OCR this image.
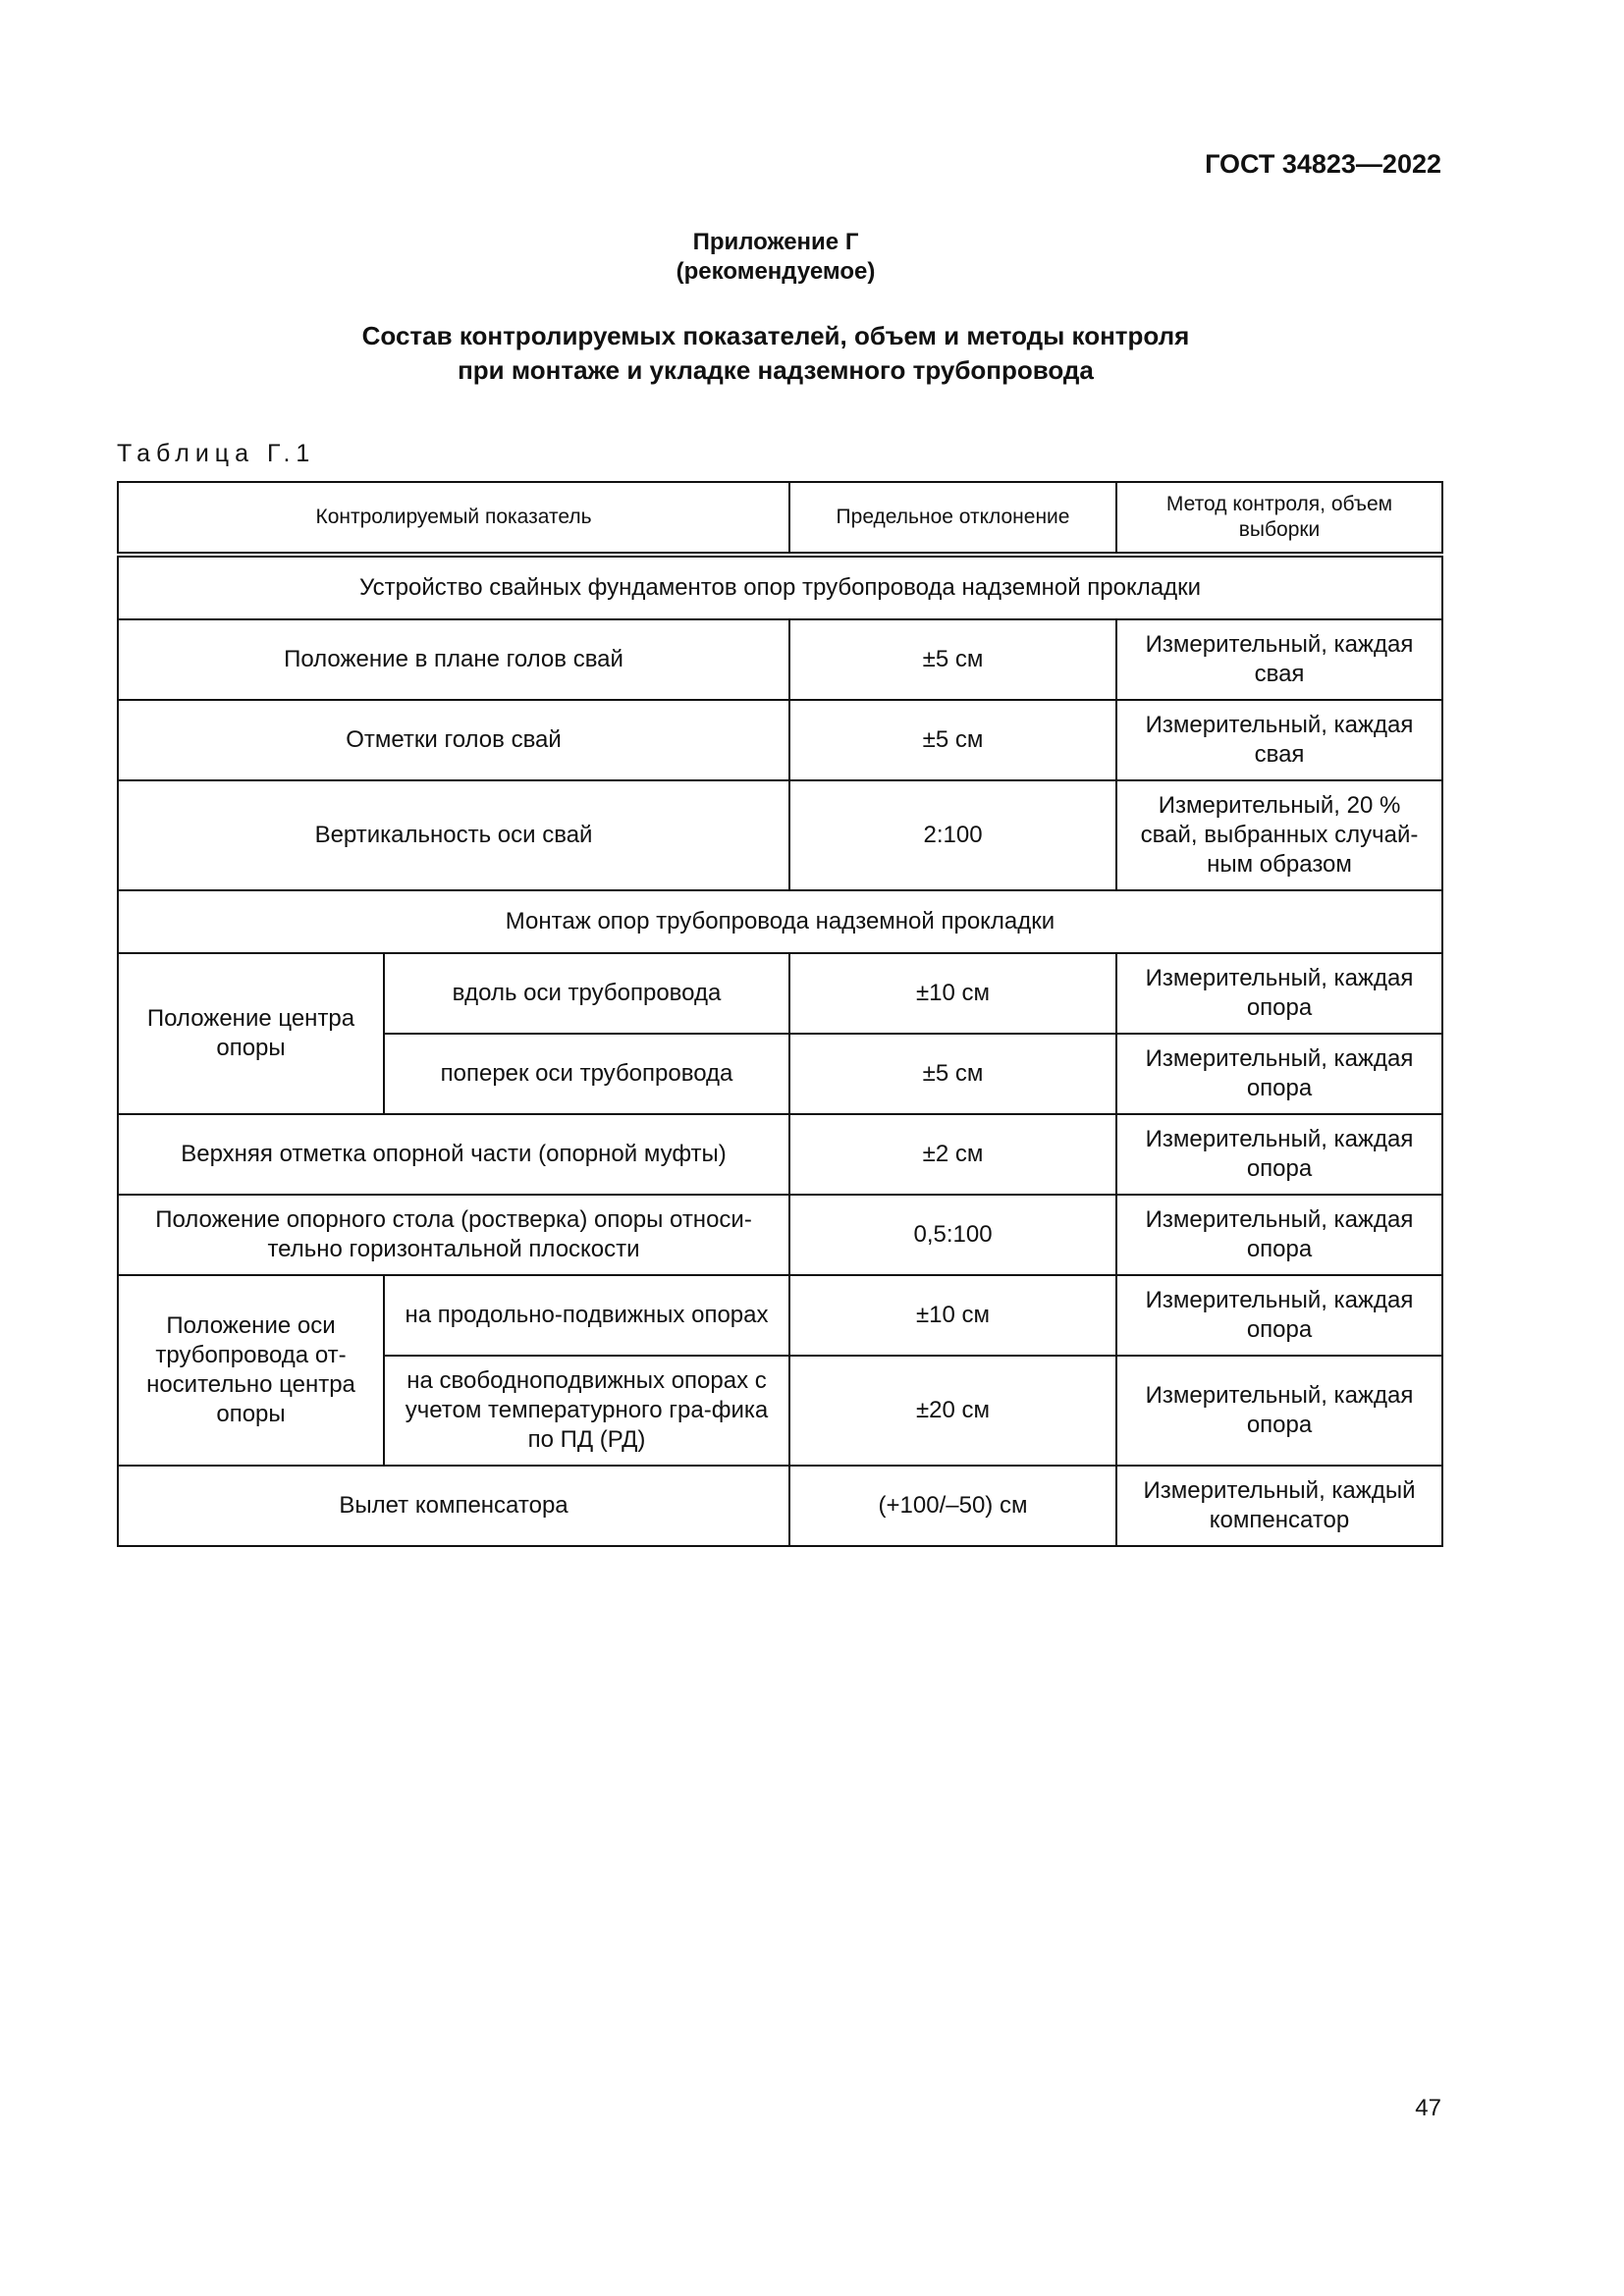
ГОСТ 34823—2022
Приложение Г
(рекомендуемое)
Состав контролируемых показателей, объем и методы контроля
при монтаже и укладке надземного трубопровода
Таблица Г.1
Контролируемый показатель		Предельное отклонение	Метод контроля, объем выборки
Устройство свайных фундаментов опор трубопровода надземной прокладки			
Положение в плане голов свай		±5 см	Измерительный, каждая свая
Отметки голов свай		±5 см	Измерительный, каждая свая
Вертикальность оси свай		2:100	Измерительный, 20 % свай, выбранных случай-ным образом
Монтаж опор трубопровода надземной прокладки			
Положение центра опоры	вдоль оси трубопровода	±10 см	Измерительный, каждая опора
	поперек оси трубопровода	±5 см	Измерительный, каждая опора
Верхняя отметка опорной части (опорной муфты)		±2 см	Измерительный, каждая опора
Положение опорного стола (ростверка) опоры относи-тельно горизонтальной плоскости		0,5:100	Измерительный, каждая опора
Положение оси трубопровода от-носительно центра опоры	на продольно-подвижных опорах	±10 см	Измерительный, каждая опора
	на свободноподвижных опорах с учетом температурного гра-фика по ПД (РД)	±20 см	Измерительный, каждая опора
Вылет компенсатора		(+100/–50) см	Измерительный, каждый компенсатор
47
